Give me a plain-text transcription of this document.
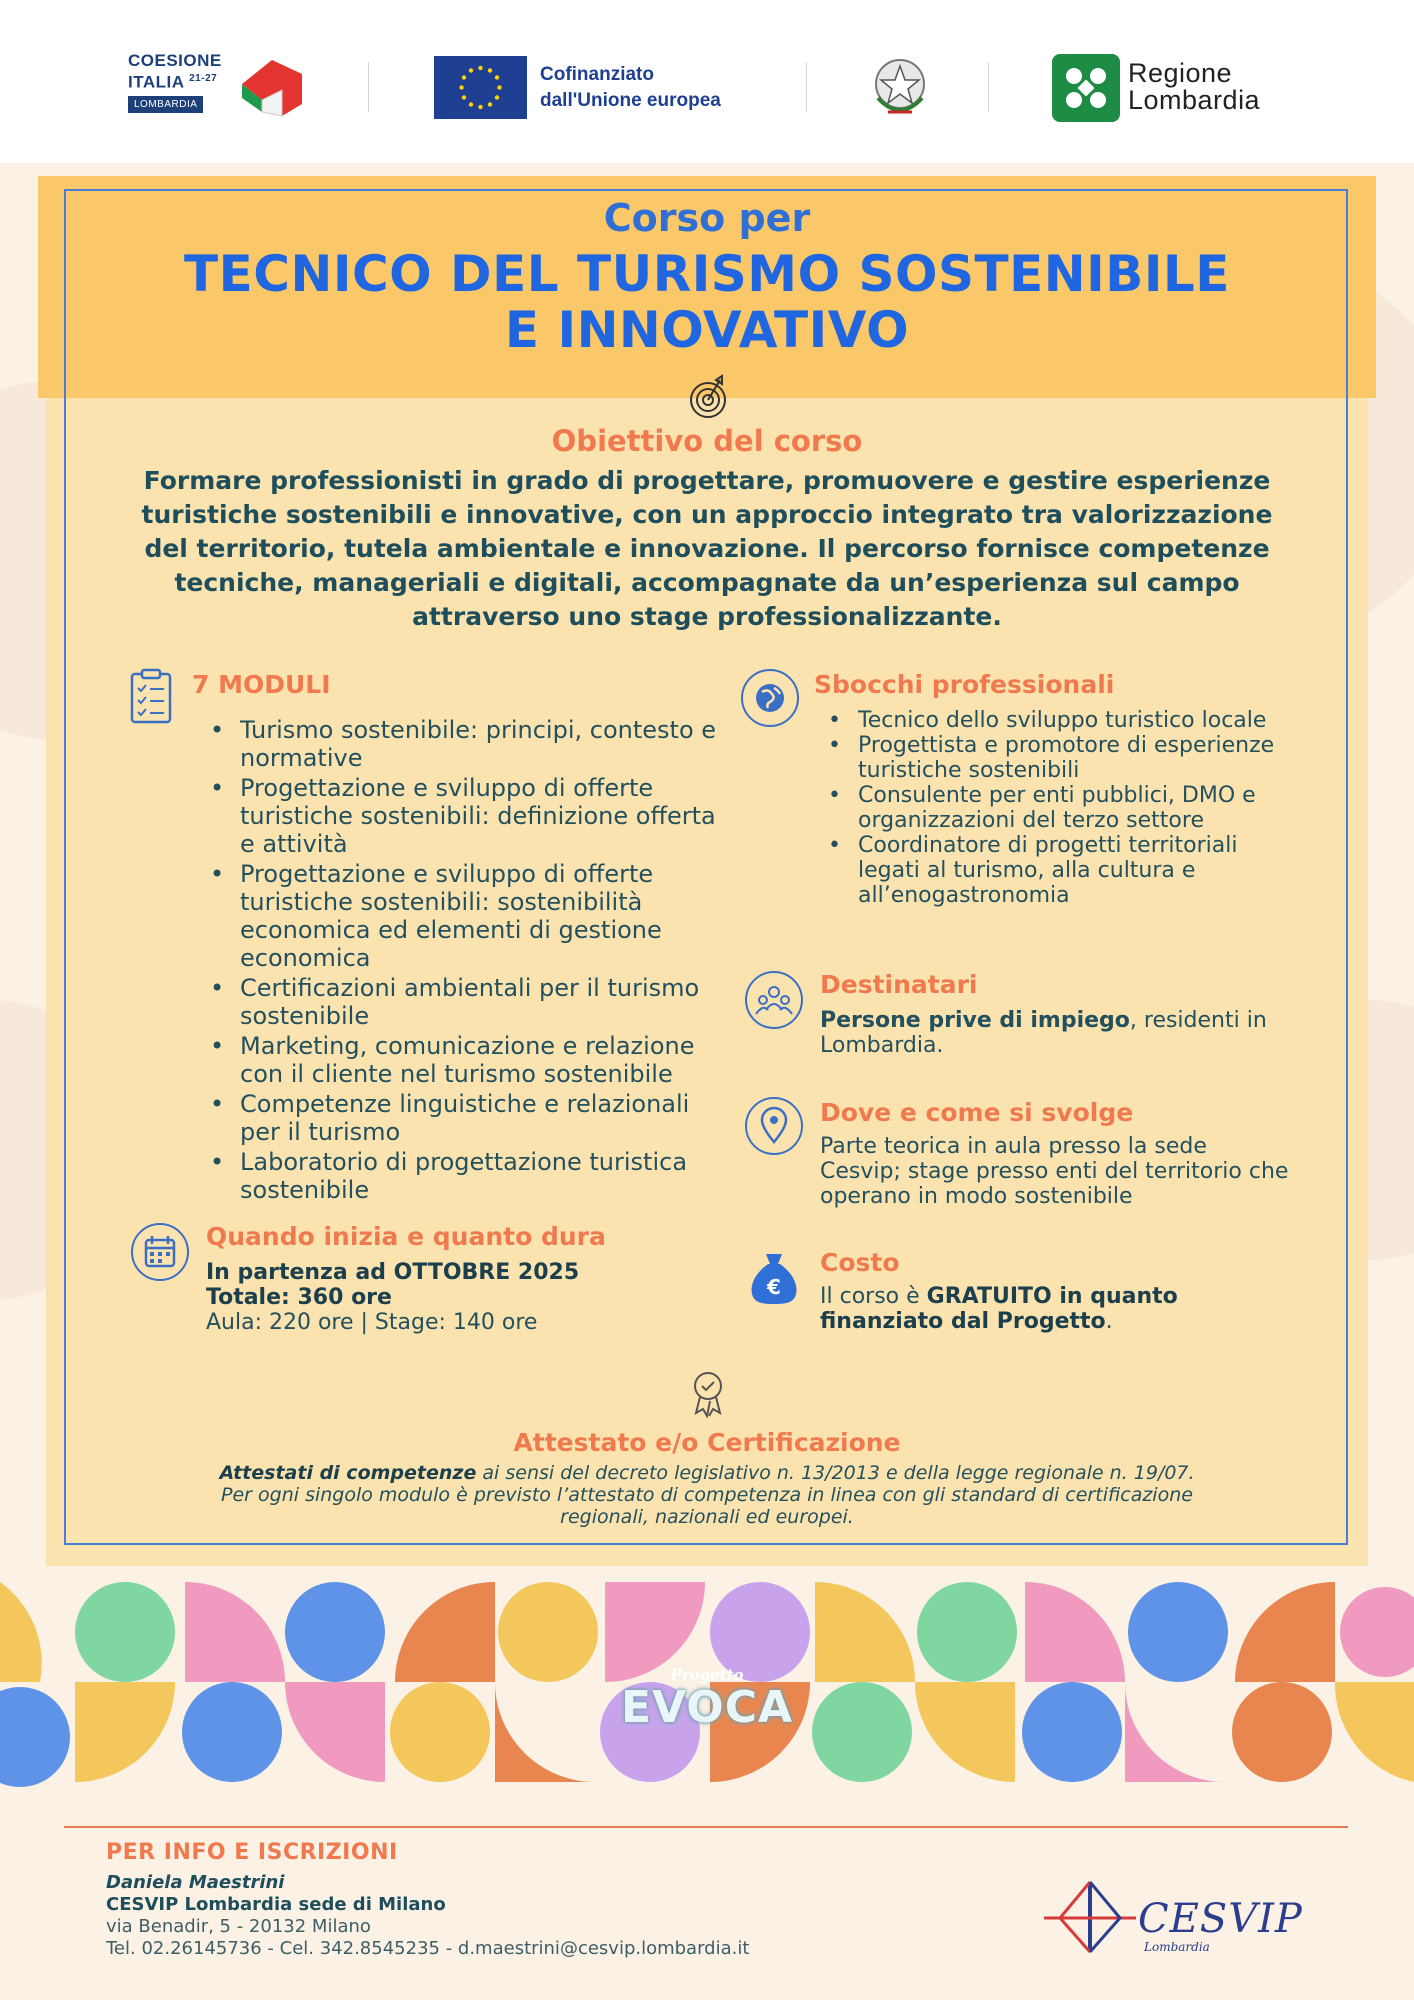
COESIONE
ITALIA $^{21-27}$
LOMBARDIA
Cofinanziato
dall'Unione europea
Regione
Lombardia
Corso per
TECNICO DEL TURISMO SOSTENIBILE
E INNOVATIVO
Obiettivo del corso
Formare professionisti in grado di progettare, promuovere e gestire esperienze turistiche sostenibili e innovative, con un approccio integrato tra valorizzazione del territorio, tutela ambientale e innovazione. Il percorso fornisce competenze tecniche, manageriali e digitali, accompagnate da un’esperienza sul campo attraverso uno stage professionalizzante.
7 MODULI
• Turismo sostenibile: principi, contesto e normative
• Progettazione e sviluppo di offerte turistiche sostenibili: definizione offerta e attività
• Progettazione e sviluppo di offerte turistiche sostenibili: sostenibilità economica ed elementi di gestione economica
• Certificazioni ambientali per il turismo sostenibile
• Marketing, comunicazione e relazione con il cliente nel turismo sostenibile
• Competenze linguistiche e relazionali per il turismo
• Laboratorio di progettazione turistica sostenibile
Quando inizia e quanto dura
In partenza ad OTTOBRE 2025
Totale: 360 ore
Aula: 220 ore | Stage: 140 ore
Sbocchi professionali
• Tecnico dello sviluppo turistico locale
• Progettista e promotore di esperienze turistiche sostenibili
• Consulente per enti pubblici, DMO e organizzazioni del terzo settore
• Coordinatore di progetti territoriali legati al turismo, alla cultura e all’enogastronomia
Destinatari
Persone prive di impiego, residenti in Lombardia.
Dove e come si svolge
Parte teorica in aula presso la sede Cesvip; stage presso enti del territorio che operano in modo sostenibile
€
Costo
Il corso è GRATUITO in quanto finanziato dal Progetto.
Attestato e/o Certificazione
Attestati di competenze ai sensi del decreto legislativo n. 13/2013 e della legge regionale n. 19/07.
Per ogni singolo modulo è previsto l’attestato di competenza in linea con gli standard di certificazione regionali, nazionali ed europei.
Progetto
EVOCA
PER INFO E ISCRIZIONI
Daniela Maestrini
CESVIP Lombardia sede di Milano
via Benadir, 5 - 20132 Milano
Tel. 02.26145736 - Cel. 342.8545235 - d.maestrini@cesvip.lombardia.it
CESVIP
Lombardia
